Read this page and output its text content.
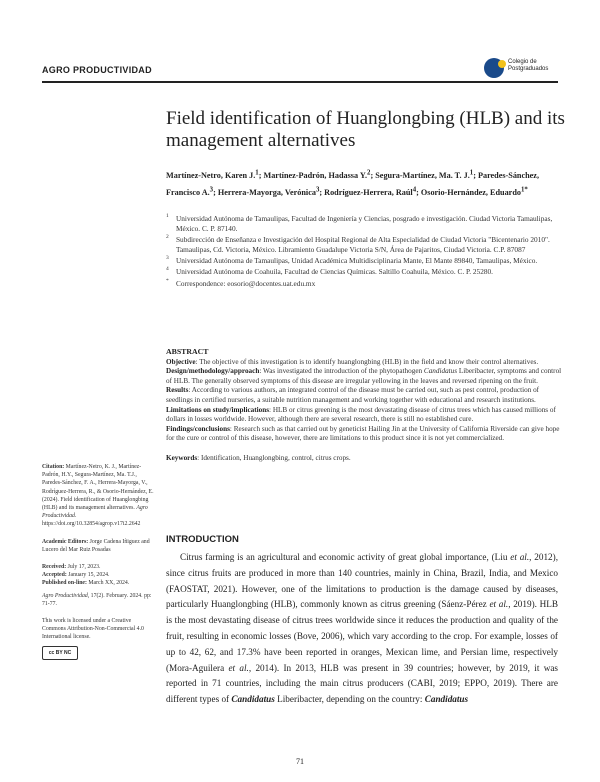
AGRO PRODUCTIVIDAD
Colegio de Postgraduados
Field identification of Huanglongbing (HLB) and its management alternatives
Martínez-Netro, Karen J.$^1$; Martínez-Padrón, Hadassa Y.$^2$; Segura-Martínez, Ma. T. J.$^1$; Paredes-Sánchez, Francisco A.$^3$; Herrera-Mayorga, Verónica$^3$; Rodríguez-Herrera, Raúl$^4$; Osorio-Hernández, Eduardo$^{1*}$
1 Universidad Autónoma de Tamaulipas, Facultad de Ingeniería y Ciencias, posgrado e investigación. Ciudad Victoria Tamaulipas, México. C. P. 87140.
2 Subdirección de Enseñanza e Investigación del Hospital Regional de Alta Especialidad de Ciudad Victoria "Bicentenario 2010". Tamaulipas, Cd. Victoria, México. Libramiento Guadalupe Victoria S/N, Área de Pajaritos, Ciudad Victoria. C.P. 87087
3 Universidad Autónoma de Tamaulipas, Unidad Académica Multidisciplinaria Mante, El Mante 89840, Tamaulipas, México.
4 Universidad Autónoma de Coahuila, Facultad de Ciencias Químicas. Saltillo Coahuila, México. C. P. 25280.
* Correspondence: eosorio@docentes.uat.edu.mx
ABSTRACT

Objective: The objective of this investigation is to identify huanglongbing (HLB) in the field and know their control alternatives.

Design/methodology/approach: Was investigated the introduction of the phytopathogen Candidatus Liberibacter, symptoms and control of HLB. The generally observed symptoms of this disease are irregular yellowing in the leaves and reversed ripening on the fruit.

Results: According to various authors, an integrated control of the disease must be carried out, such as pest control, production of seedlings in certified nurseries, a suitable nutrition management and working together with educational and research institutions.

Limitations on study/implications: HLB or citrus greening is the most devastating disease of citrus trees which has caused millions of dollars in losses worldwide. However, although there are several research, there is still no established cure.

Findings/conclusions: Research such as that carried out by geneticist Hailing Jin at the University of California Riverside can give hope for the cure or control of this disease, however, there are limitations to this product since it is not yet commercialized.

Keywords: Identification, Huanglongbing, control, citrus crops.

Citation: Martínez-Netro, K. J., Martínez-Padrón, H.Y., Segura-Martínez, Ma. T.J., Paredes-Sánchez, F. A., Herrera-Mayorga, V., Rodríguez-Herrera, R., & Osorio-Hernández, E. (2024). Field identification of Huanglongbing (HLB) and its management alternatives. Agro Productividad. https://doi.org/10.32854/agrop.v17i2.2642

Academic Editors: Jorge Cadena Iñiguez and Lucero del Mar Ruiz Posadas

Received: July 17, 2023.
Accepted: January 15, 2024.
Published on-line: March XX, 2024.

Agro Productividad, 17(2). February. 2024. pp: 71-77.

This work is licensed under a Creative Commons Attribution-Non-Commercial 4.0 International license.

cc BY NC
INTRODUCTION

Citrus farming is an agricultural and economic activity of great global importance, (Liu et al., 2012), since citrus fruits are produced in more than 140 countries, mainly in China, Brazil, India, and Mexico (FAOSTAT, 2021). However, one of the limitations to production is the damage caused by diseases, particularly Huanglongbing (HLB), commonly known as citrus greening (Sáenz-Pérez et al., 2019). HLB is the most devastating disease of citrus trees worldwide since it reduces the production and quality of the fruit, resulting in economic losses (Bove, 2006), which vary according to the crop. For example, losses of up to 42, 62, and 17.3% have been reported in oranges, Mexican lime, and Persian lime, respectively (Mora-Aguilera et al., 2014). In 2013, HLB was present in 39 countries; however, by 2019, it was reported in 71 countries, including the main citrus producers (CABI, 2019; EPPO, 2019). There are different types of Candidatus Liberibacter, depending on the country: Candidatus

71
